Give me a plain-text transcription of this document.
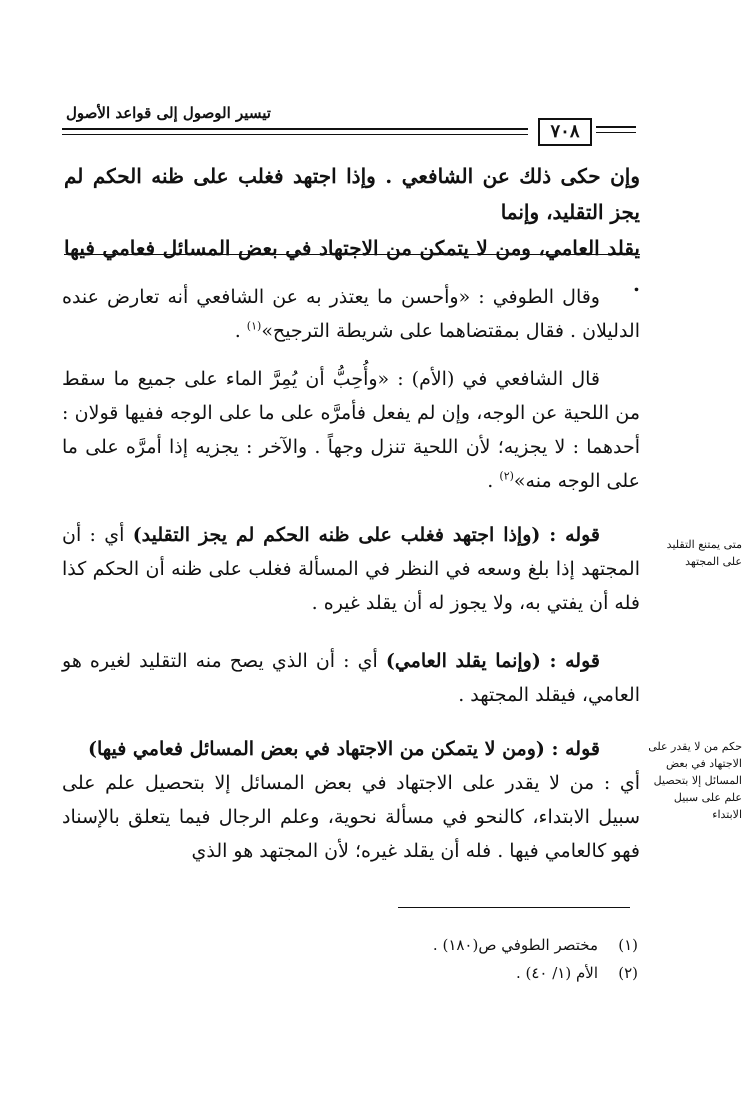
تيسير الوصول إلى قواعد الأصول
٧٠٨
وإن حكى ذلك عن الشافعي . وإذا اجتهد فغلب على ظنه الحكم لم يجز التقليد، وإنما
يقلد العامي، ومن لا يتمكن من الاجتهاد في بعض المسائل فعامي فيها .

وقال الطوفي : «وأحسن ما يعتذر به عن الشافعي أنه تعارض عنده الدليلان . فقال بمقتضاهما على شريطة الترجيح»$^{(١)}$ .

قال الشافعي في (الأم) : «وأُحِبُّ أن يُمِرَّ الماء على جميع ما سقط من اللحية عن الوجه، وإن لم يفعل فأمرَّه على ما على الوجه ففيها قولان : أحدهما : لا يجزيه؛ لأن اللحية تنزل وجهاً . والآخر : يجزيه إذا أمرَّه على ما على الوجه منه»$^{(٢)}$ .

قوله : (وإذا اجتهد فغلب على ظنه الحكم لم يجز التقليد) أي : أن المجتهد إذا بلغ وسعه في النظر في المسألة فغلب على ظنه أن الحكم كذا فله أن يفتي به، ولا يجوز له أن يقلد غيره .

قوله : (وإنما يقلد العامي) أي : أن الذي يصح منه التقليد لغيره هو العامي، فيقلد المجتهد .

قوله : (ومن لا يتمكن من الاجتهاد في بعض المسائل فعامي فيها)

أي : من لا يقدر على الاجتهاد في بعض المسائل إلا بتحصيل علم على سبيل الابتداء، كالنحو في مسألة نحوية، وعلم الرجال فيما يتعلق بالإسناد فهو كالعامي فيها . فله أن يقلد غيره؛ لأن المجتهد هو الذي

متى يمتنع التقليد على المجتهد
حكم من لا يقدر على الاجتهاد في بعض المسائل إلا بتحصيل علم على سبيل الابتداء
(١)مختصر الطوفي ص(١٨٠) .
(٢)الأم (١/ ٤٠) .
